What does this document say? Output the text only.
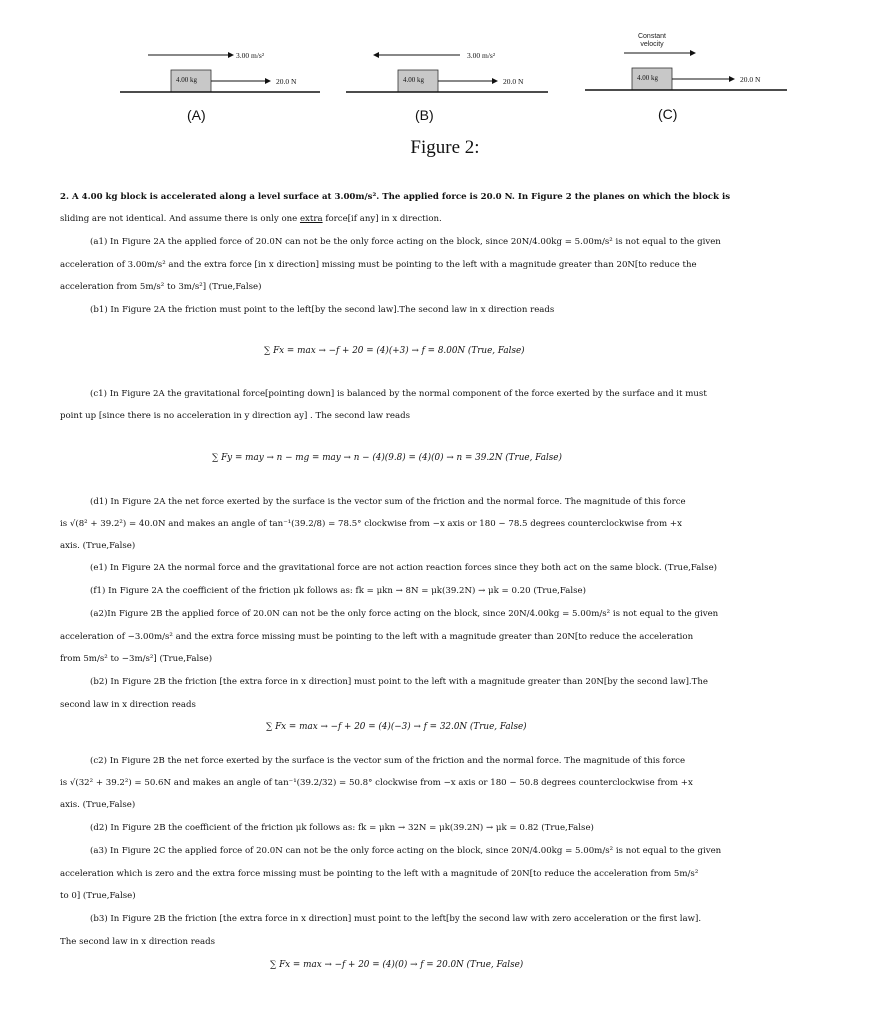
3.00 m/s²
4.00 kg	20.0 N
(A)
3.00 m/s²
4.00 kg	20.0 N
(B)
Constant velocity
4.00 kg	20.0 N
(C)
Figure 2:
2. A 4.00 kg block is accelerated along a level surface at 3.00m/s². The applied force is 20.0 N. In Figure 2 the planes on which the block is
sliding are not identical. And assume there is only one extra force[if any] in x direction.
(a1) In Figure 2A the applied force of 20.0N can not be the only force acting on the block, since 20N/4.00kg = 5.00m/s² is not equal to the given
acceleration of 3.00m/s² and the extra force [in x direction] missing must be pointing to the left with a magnitude greater than 20N[to reduce the
acceleration from 5m/s² to 3m/s²] (True,False)
(b1) In Figure 2A the friction must point to the left[by the second law].The second law in x direction reads
∑ Fx = max → −f + 20 = (4)(+3) → f = 8.00N (True, False)
(c1) In Figure 2A the gravitational force[pointing down] is balanced by the normal component of the force exerted by the surface and it must
point up [since there is no acceleration in y direction ay] . The second law reads
∑ Fy = may → n − mg = may → n − (4)(9.8) = (4)(0) → n = 39.2N (True, False)
(d1) In Figure 2A the net force exerted by the surface is the vector sum of the friction and the normal force. The magnitude of this force
is √(8² + 39.2²) = 40.0N and makes an angle of tan⁻¹(39.2/8) = 78.5° clockwise from −x axis or 180 − 78.5 degrees counterclockwise from +x
axis. (True,False)
(e1) In Figure 2A the normal force and the gravitational force are not action reaction forces since they both act on the same block. (True,False)
(f1) In Figure 2A the coefficient of the friction μk follows as: fk = μkn → 8N = μk(39.2N) → μk = 0.20 (True,False)
(a2)In Figure 2B the applied force of 20.0N can not be the only force acting on the block, since 20N/4.00kg = 5.00m/s² is not equal to the given
acceleration of −3.00m/s² and the extra force missing must be pointing to the left with a magnitude greater than 20N[to reduce the acceleration
from 5m/s² to −3m/s²] (True,False)
(b2) In Figure 2B the friction [the extra force in x direction] must point to the left with a magnitude greater than 20N[by the second law].The
second law in x direction reads
∑ Fx = max → −f + 20 = (4)(−3) → f = 32.0N (True, False)
(c2) In Figure 2B the net force exerted by the surface is the vector sum of the friction and the normal force. The magnitude of this force
is √(32² + 39.2²) = 50.6N and makes an angle of tan⁻¹(39.2/32) = 50.8° clockwise from −x axis or 180 − 50.8 degrees counterclockwise from +x
axis. (True,False)
(d2) In Figure 2B the coefficient of the friction μk follows as: fk = μkn → 32N = μk(39.2N) → μk = 0.82 (True,False)
(a3) In Figure 2C the applied force of 20.0N can not be the only force acting on the block, since 20N/4.00kg = 5.00m/s² is not equal to the given
acceleration which is zero and the extra force missing must be pointing to the left with a magnitude of 20N[to reduce the acceleration from 5m/s²
to 0] (True,False)
(b3) In Figure 2B the friction [the extra force in x direction] must point to the left[by the second law with zero acceleration or the first law].
The second law in x direction reads
∑ Fx = max → −f + 20 = (4)(0) → f = 20.0N (True, False)
